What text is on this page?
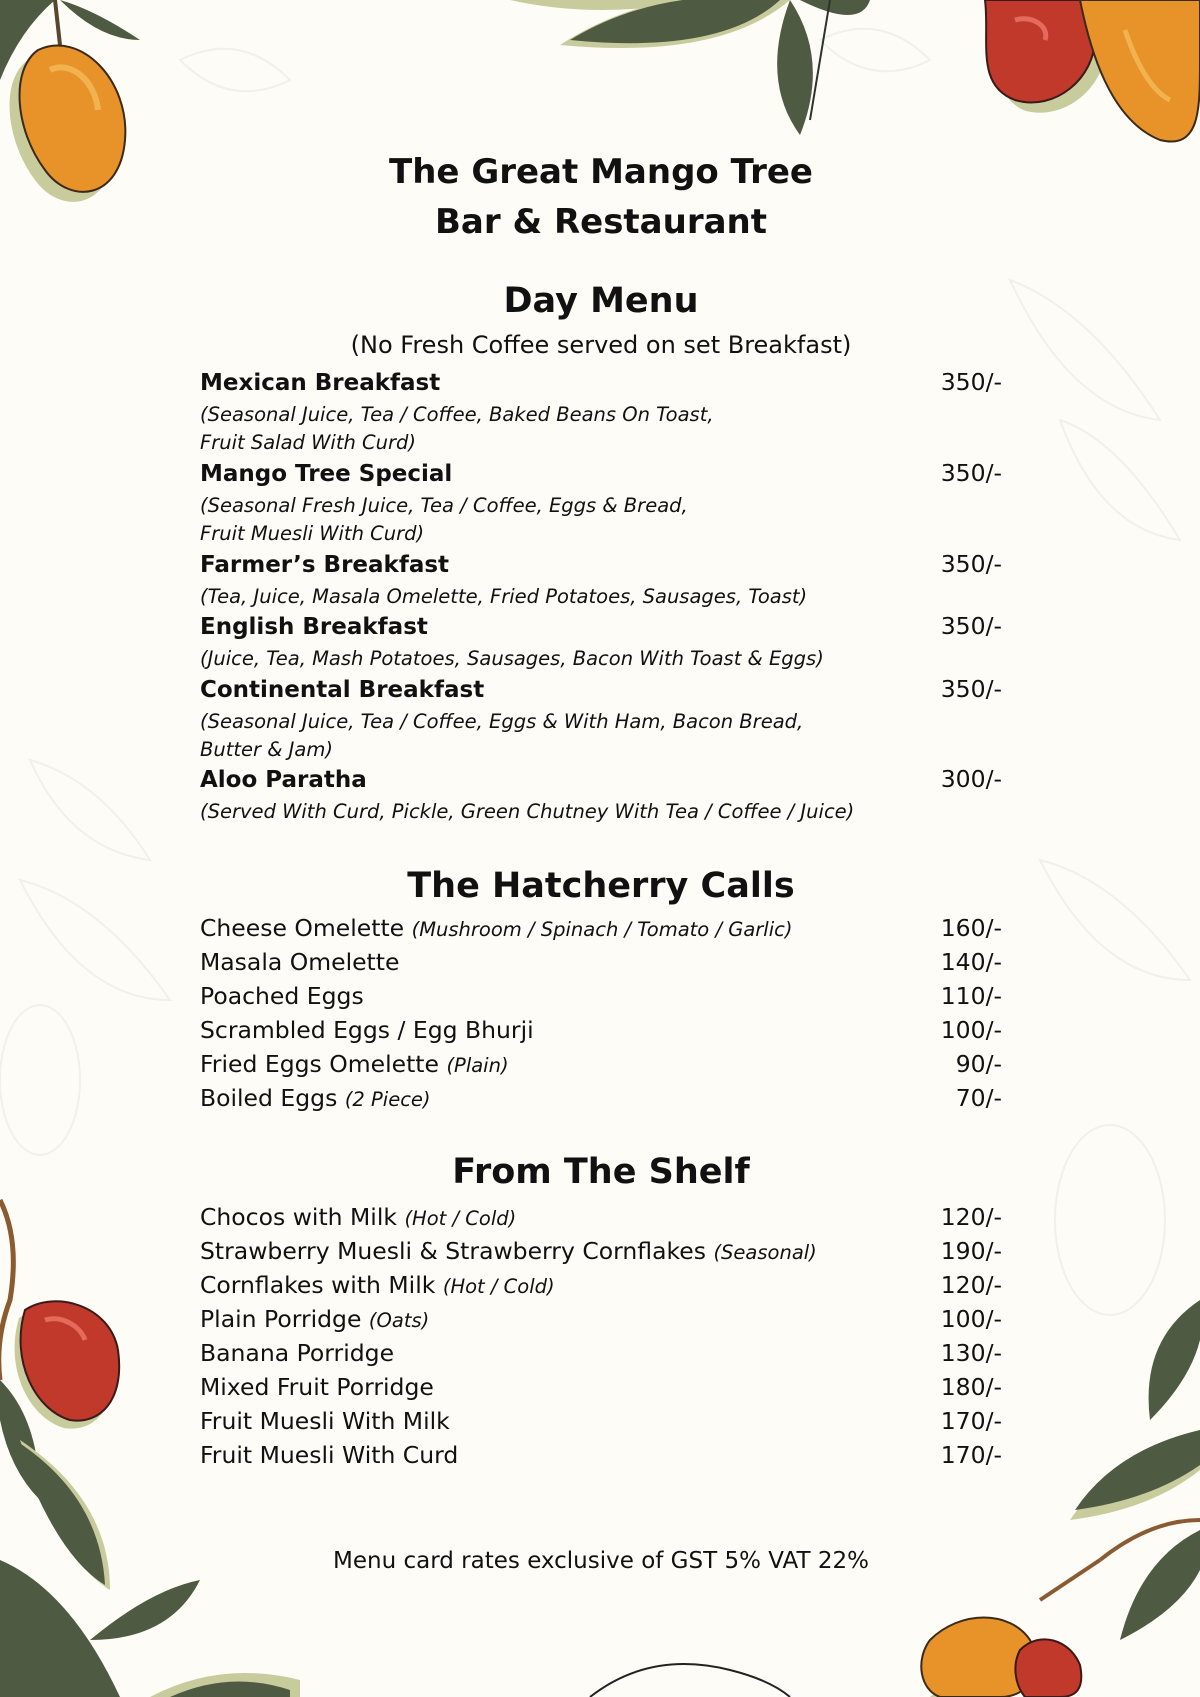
The Great Mango Tree
Bar & Restaurant
Day Menu
(No Fresh Coffee served on set Breakfast)
Mexican Breakfast	350/-
(Seasonal Juice, Tea / Coffee, Baked Beans On Toast,
Fruit Salad With Curd)
Mango Tree Special	350/-
(Seasonal Fresh Juice, Tea / Coffee, Eggs & Bread,
Fruit Muesli With Curd)
Farmer’s Breakfast	350/-
(Tea, Juice, Masala Omelette, Fried Potatoes, Sausages, Toast)
English Breakfast	350/-
(Juice, Tea, Mash Potatoes, Sausages, Bacon With Toast & Eggs)
Continental Breakfast	350/-
(Seasonal Juice, Tea / Coffee, Eggs & With Ham, Bacon Bread,
Butter & Jam)
Aloo Paratha	300/-
(Served With Curd, Pickle, Green Chutney With Tea / Coffee / Juice)
The Hatcherry Calls
Cheese Omelette (Mushroom / Spinach / Tomato / Garlic)	160/-
Masala Omelette	140/-
Poached Eggs	110/-
Scrambled Eggs / Egg Bhurji	100/-
Fried Eggs Omelette (Plain)	90/-
Boiled Eggs (2 Piece)	70/-
From The Shelf
Chocos with Milk (Hot / Cold)	120/-
Strawberry Muesli & Strawberry Cornflakes (Seasonal)	190/-
Cornflakes with Milk (Hot / Cold)	120/-
Plain Porridge (Oats)	100/-
Banana Porridge	130/-
Mixed Fruit Porridge	180/-
Fruit Muesli With Milk	170/-
Fruit Muesli With Curd	170/-
Menu card rates exclusive of GST 5% VAT 22%
